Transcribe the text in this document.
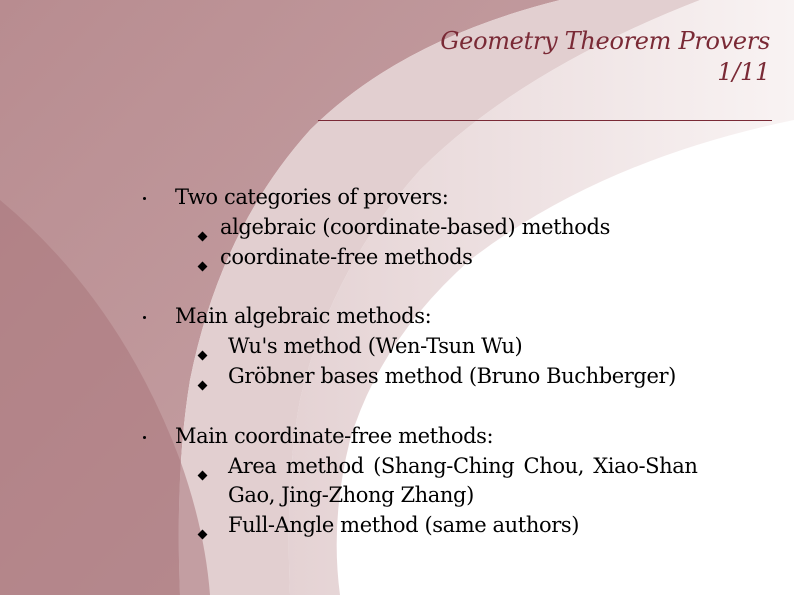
Geometry Theorem Provers
1/11
Two categories of provers:
algebraic (coordinate-based) methods
coordinate-free methods
Main algebraic methods:
Wu's method (Wen-Tsun Wu)
Gröbner bases method (Bruno Buchberger)
Main coordinate-free methods:
Area method (Shang-Ching Chou, Xiao-Shan
Gao, Jing-Zhong Zhang)
Full-Angle method (same authors)
